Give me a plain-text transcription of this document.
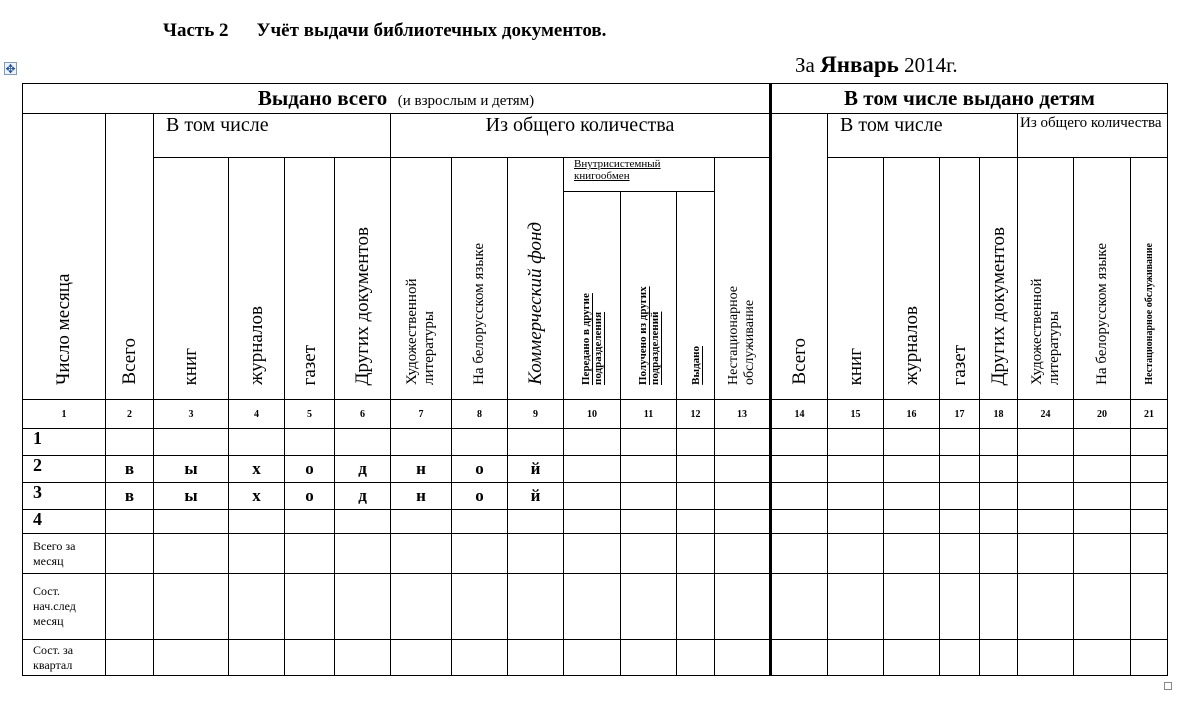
Часть 2 Учёт выдачи библиотечных документов.
За Январь 2014г.
✥
Выдано всего (и взрослым и детям)													В том числе выдано детям							

Число месяца	Всего	В том числе				Из общего количества							Всего	В том числе				Из общего количества		

		книг	журналов	газет	Других документов	Художественной литературы	На белорусском языке	Коммерческий фонд	Внутрисистемный книгообмен			Нестационарное обслуживание		книг	журналов	газет	Других документов	Художественной литературы	На белорусском языке	Нестационарное обслуживание

									Передано в другие подразделения	Получено из других подразделений	Выдано									

1	2	3	4	5	6	7	8	9	10	11	12	13	14	15	16	17	18	24	20	21
1																				
2	в	ы	х	о	д	н	о	й												
3	в	ы	х	о	д	н	о	й												
4																				
Всего за месяц																				
Сост. нач.след месяц																				
Сост. за квартал																				
